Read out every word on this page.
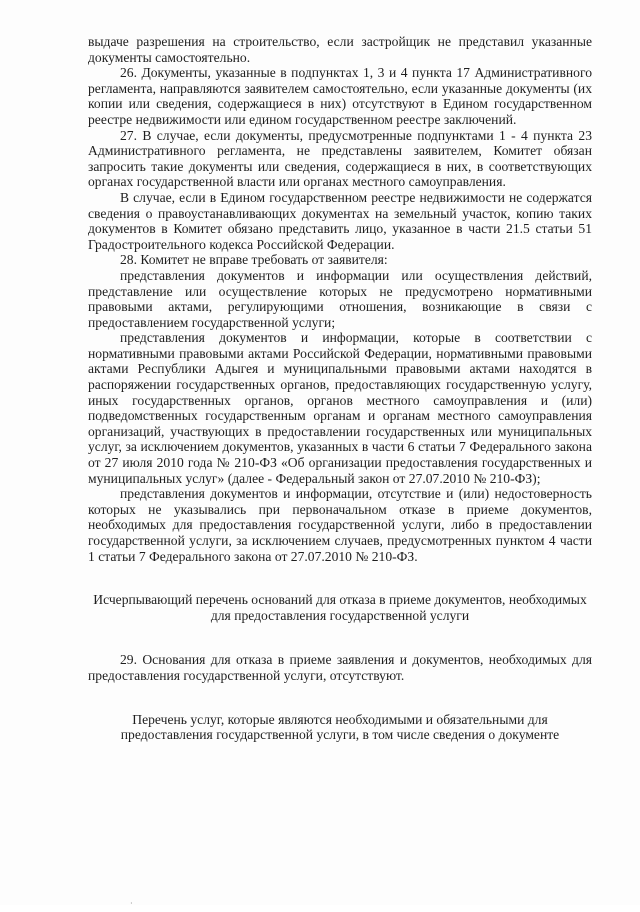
выдаче разрешения на строительство, если застройщик не представил указанные документы самостоятельно.

26. Документы, указанные в подпунктах 1, 3 и 4 пункта 17 Административного регламента, направляются заявителем самостоятельно, если указанные документы (их копии или сведения, содержащиеся в них) отсутствуют в Едином государственном реестре недвижимости или едином государственном реестре заключений.

27. В случае, если документы, предусмотренные подпунктами 1 - 4 пункта 23 Административного регламента, не представлены заявителем, Комитет обязан запросить такие документы или сведения, содержащиеся в них, в соответствующих органах государственной власти или органах местного самоуправления.

В случае, если в Едином государственном реестре недвижимости не содержатся сведения о правоустанавливающих документах на земельный участок, копию таких документов в Комитет обязано представить лицо, указанное в части 21.5 статьи 51 Градостроительного кодекса Российской Федерации.

28. Комитет не вправе требовать от заявителя:

представления документов и информации или осуществления действий, представление или осуществление которых не предусмотрено нормативными правовыми актами, регулирующими отношения, возникающие в связи с предоставлением государственной услуги;

представления документов и информации, которые в соответствии с нормативными правовыми актами Российской Федерации, нормативными правовыми актами Республики Адыгея и муниципальными правовыми актами находятся в распоряжении государственных органов, предоставляющих государственную услугу, иных государственных органов, органов местного самоуправления и (или) подведомственных государственным органам и органам местного самоуправления организаций, участвующих в предоставлении государственных или муниципальных услуг, за исключением документов, указанных в части 6 статьи 7 Федерального закона от 27 июля 2010 года № 210-ФЗ «Об организации предоставления государственных и муниципальных услуг» (далее - Федеральный закон от 27.07.2010 № 210-ФЗ);

представления документов и информации, отсутствие и (или) недостоверность которых не указывались при первоначальном отказе в приеме документов, необходимых для предоставления государственной услуги, либо в предоставлении государственной услуги, за исключением случаев, предусмотренных пунктом 4 части 1 статьи 7 Федерального закона от 27.07.2010 № 210-ФЗ.

Исчерпывающий перечень оснований для отказа в приеме документов, необходимых для предоставления государственной услуги

29. Основания для отказа в приеме заявления и документов, необходимых для предоставления государственной услуги, отсутствуют.

Перечень услуг, которые являются необходимыми и обязательными для предоставления государственной услуги, в том числе сведения о документе

·
